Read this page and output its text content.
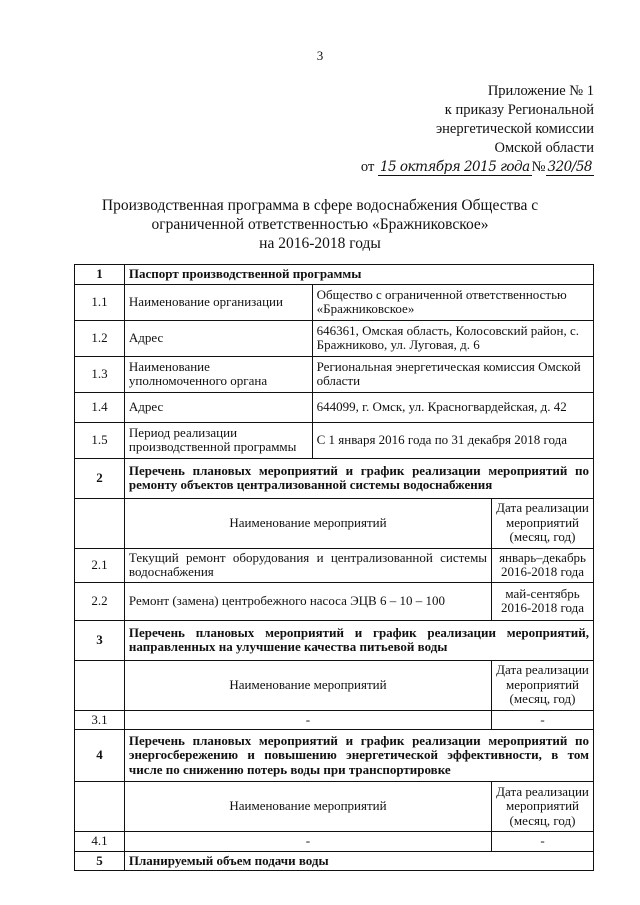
3
Приложение № 1
к приказу Региональной
энергетической комиссии
Омской области
от 15 октября 2015 года № 320/58
Производственная программа в сфере водоснабжения Общества с
ограниченной ответственностью «Бражниковское»
на 2016-2018 годы
1	Паспорт производственной программы		
1.1	Наименование организации	Общество с ограниченной ответственностью «Бражниковское»	
1.2	Адрес	646361, Омская область, Колосовский район, с. Бражниково, ул. Луговая, д. 6	
1.3	Наименование уполномоченного органа	Региональная энергетическая комиссия Омской области	
1.4	Адрес	644099, г. Омск, ул. Красногвардейская, д. 42	
1.5	Период реализации производственной программы	С 1 января 2016 года по 31 декабря 2018 года	
2	Перечень плановых мероприятий и график реализации мероприятий по ремонту объектов централизованной системы водоснабжения		
	Наименование мероприятий		Дата реализации мероприятий (месяц, год)
2.1	Текущий ремонт оборудования и централизованной системы водоснабжения		январь–декабрь 2016-2018 года
2.2	Ремонт (замена) центробежного насоса ЭЦВ 6 – 10 – 100		май-сентябрь 2016-2018 года
3	Перечень плановых мероприятий и график реализации мероприятий, направленных на улучшение качества питьевой воды		
	Наименование мероприятий		Дата реализации мероприятий (месяц, год)
3.1	-		-
4	Перечень плановых мероприятий и график реализации мероприятий по энергосбережению и повышению энергетической эффективности, в том числе по снижению потерь воды при транспортировке		
	Наименование мероприятий		Дата реализации мероприятий (месяц, год)
4.1	-		-
5	Планируемый объем подачи воды		
